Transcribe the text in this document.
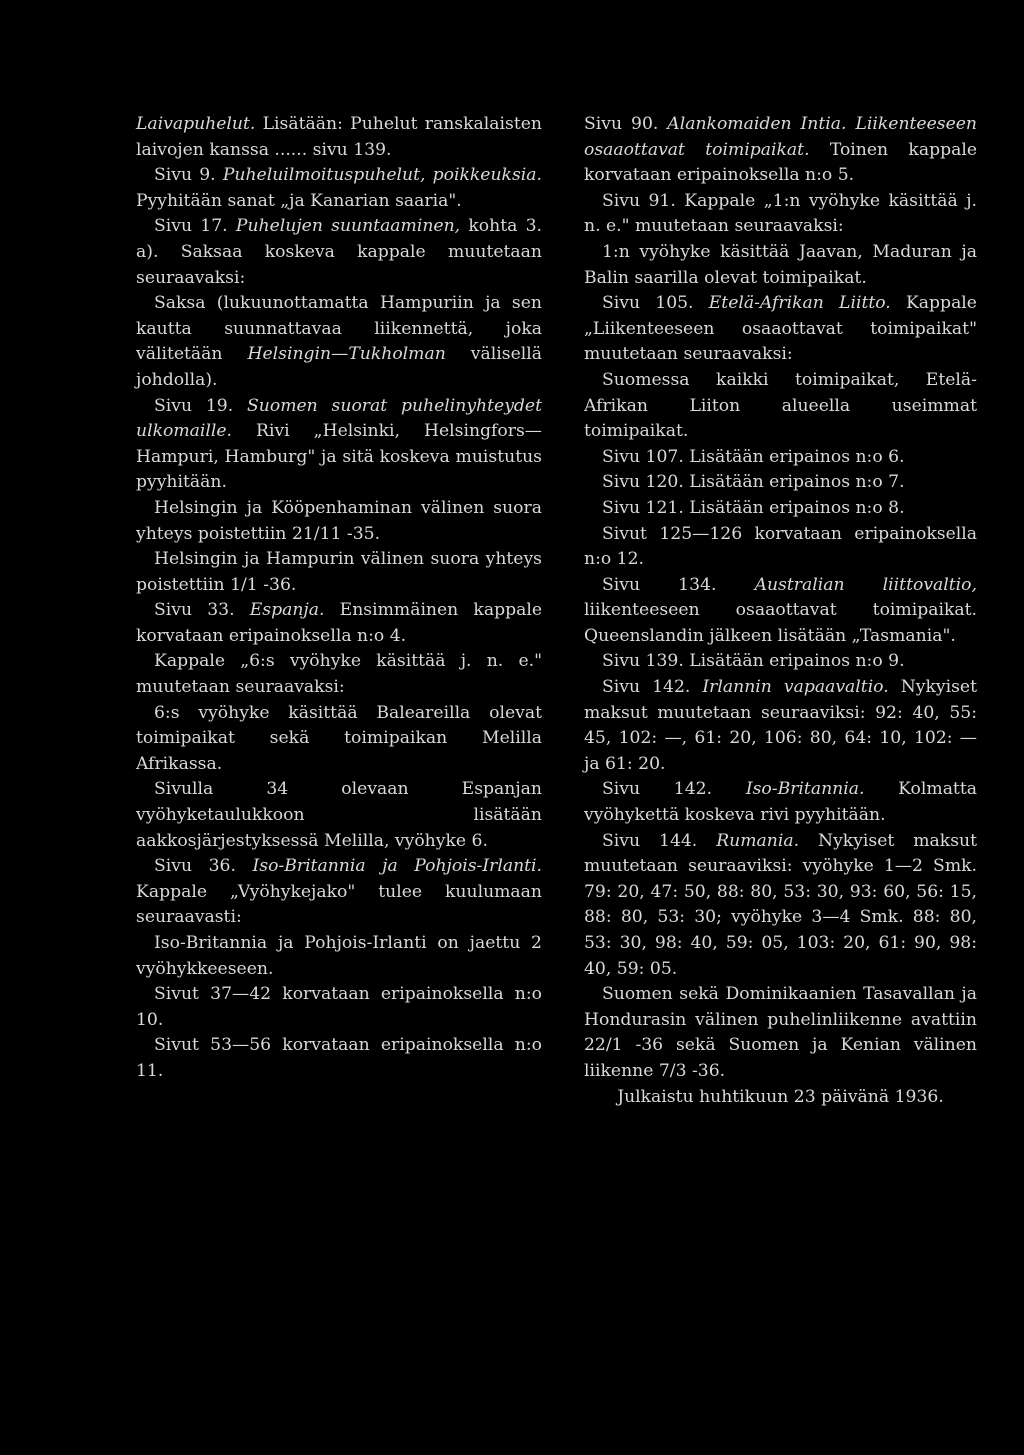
Laivapuhelut. Lisätään: Puhelut ranskalaisten laivojen kanssa ...... sivu 139.

Sivu 9. Puheluilmoituspuhelut, poikkeuksia. Pyyhitään sanat „ja Kanarian saaria".

Sivu 17. Puhelujen suuntaaminen, kohta 3. a). Saksaa koskeva kappale muutetaan seuraavaksi:

Saksa (lukuunottamatta Hampuriin ja sen kautta suunnattavaa liikennettä, joka välitetään Helsingin—Tukholman välisellä johdolla).

Sivu 19. Suomen suorat puhelinyhteydet ulkomaille. Rivi „Helsinki, Helsingfors— Hampuri, Hamburg" ja sitä koskeva muistutus pyyhitään.

Helsingin ja Kööpenhaminan välinen suora yhteys poistettiin 21/11 -35.

Helsingin ja Hampurin välinen suora yhteys poistettiin 1/1 -36.

Sivu 33. Espanja. Ensimmäinen kappale korvataan eripainoksella n:o 4.

Kappale „6:s vyöhyke käsittää j. n. e." muutetaan seuraavaksi:

6:s vyöhyke käsittää Baleareilla olevat toimipaikat sekä toimipaikan Melilla Afrikassa.

Sivulla 34 olevaan Espanjan vyöhyketaulukkoon lisätään aakkosjärjestyksessä Melilla, vyöhyke 6.

Sivu 36. Iso-Britannia ja Pohjois-Irlanti. Kappale „Vyöhykejako" tulee kuulumaan seuraavasti:

Iso-Britannia ja Pohjois-Irlanti on jaettu 2 vyöhykkeeseen.

Sivut 37—42 korvataan eripainoksella n:o 10.

Sivut 53—56 korvataan eripainoksella n:o 11.

Sivu 90. Alankomaiden Intia. Liikenteeseen osaaottavat toimipaikat. Toinen kappale korvataan eripainoksella n:o 5.

Sivu 91. Kappale „1:n vyöhyke käsittää j. n. e." muutetaan seuraavaksi:

1:n vyöhyke käsittää Jaavan, Maduran ja Balin saarilla olevat toimipaikat.

Sivu 105. Etelä-Afrikan Liitto. Kappale „Liikenteeseen osaaottavat toimipaikat" muutetaan seuraavaksi:

Suomessa kaikki toimipaikat, Etelä-Afrikan Liiton alueella useimmat toimipaikat.

Sivu 107. Lisätään eripainos n:o 6.

Sivu 120. Lisätään eripainos n:o 7.

Sivu 121. Lisätään eripainos n:o 8.

Sivut 125—126 korvataan eripainoksella n:o 12.

Sivu 134. Australian liittovaltio, liikenteeseen osaaottavat toimipaikat. Queenslandin jälkeen lisätään „Tasmania".

Sivu 139. Lisätään eripainos n:o 9.

Sivu 142. Irlannin vapaavaltio. Nykyiset maksut muutetaan seuraaviksi: 92: 40, 55: 45, 102: —, 61: 20, 106: 80, 64: 10, 102: — ja 61: 20.

Sivu 142. Iso-Britannia. Kolmatta vyöhykettä koskeva rivi pyyhitään.

Sivu 144. Rumania. Nykyiset maksut muutetaan seuraaviksi: vyöhyke 1—2 Smk. 79: 20, 47: 50, 88: 80, 53: 30, 93: 60, 56: 15, 88: 80, 53: 30; vyöhyke 3—4 Smk. 88: 80, 53: 30, 98: 40, 59: 05, 103: 20, 61: 90, 98: 40, 59: 05.

Suomen sekä Dominikaanien Tasavallan ja Hondurasin välinen puhelinliikenne avattiin 22/1 -36 sekä Suomen ja Kenian välinen liikenne 7/3 -36.

Julkaistu huhtikuun 23 päivänä 1936.
